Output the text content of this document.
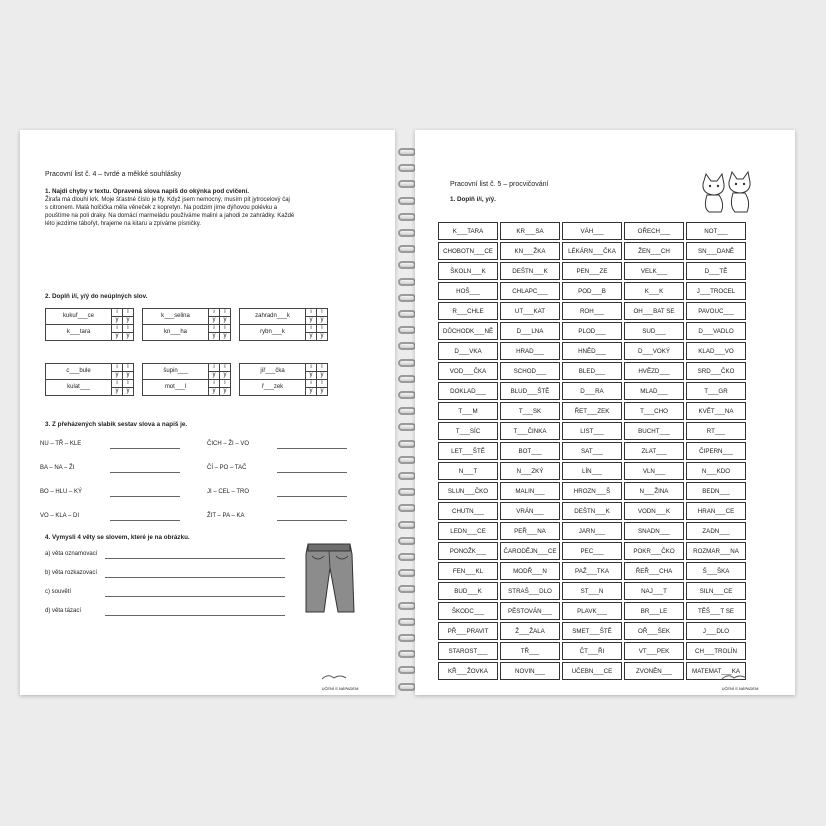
Pracovní list č. 4 – tvrdé a měkké souhlásky
1. Najdi chyby v textu. Opravená slova napiš do okýnka pod cvičení.
Žirafa má dlouhí krk. Moje šťastné číslo je tfy. Když jsem nemocný, musím pít jytrocelový čaj
s citronem. Malá holčička měla věneček z kopretyn. Na podzim jíme dýňovou polévku a
pouštíme na poli draky. Na domácí marmeládu používáme malinì a jahodi ze zahrádky. Každé
léto jezdíme tábořyt, hrajeme na kitaru a zpíváme písničky.
2. Doplň i/í, y/ý do neúplných slov.
kukuř___ce	i	í		k___selina	i	í		zahradn___k	i	í
	y	ý			y	ý			y	ý
k___tara	i	í		kn___ha	i	í		rybn___k	i	í
	y	ý			y	ý			y	ý
c___bule	i	í		šupin___	i	í		jíř___čka	i	í
	y	ý			y	ý			y	ý
kulat___	i	í		mot___l	i	í		ř___zek	i	í
	y	ý			y	ý			y	ý
3. Z přeházených slabik sestav slova a napiš je.
NU – TŘ – KLE	ČICH – ŽI – VO
BA – NA – ŽI	ČÍ – PO – TAČ
BO – HLU – KÝ	JI – CEL – TRO
VO – KLA – DI	ŽIT – PA – KA
4. Vymysli 4 věty se slovem, které je na obrázku.
a) věta oznamovací
b) věta rozkazovací
c) souvětí
d) věta tázací
UČENÍ S NÁPADEM
Pracovní list č. 5 – procvičování
1. Doplň i/í, y/ý.
K___TARA	KR___SA	VÁH___	OŘECH___	NOT___

CHOBOTN___CE	KN___ŽKA	LÉKÁRN___ČKA	ŽEN___CH	SN___DANĚ

ŠKOLN___K	DEŠTN___K	PEN___ZE	VELK___	D___TĚ

HOŠ___	CHLAPC___	POD___B	K___K	J___TROCEL

R___CHLE	UT___KAT	ROH___	OH___BAT SE	PAVOUC___

DŮCHODK___NĚ	D___LNA	PLOD___	SUD___	D___VADLO

D___VKA	HRAD___	HNĚD___	D___VOKÝ	KLAD___VO

VOD___ČKA	SCHOD___	BLED___	HVĚZD___	SRD___ČKO

DOKLAD___	BLUD___ŠTĚ	D___RA	MLAD___	T___GR

T___M	T___SK	ŘET___ZEK	T___CHO	KVĚT___NA

T___SÍC	T___ČINKA	LIST___	BUCHT___	RT___

LET___ŠTĚ	BOT___	SAT___	ZLAT___	ČIPERN___

N___T	N___ZKÝ	LÍN___	VLN___	N___KDO

SLUN___ČKO	MALIN___	HROZN___Š	N___ŽINA	BEDN___

CHUTN___	VRÁN___	DEŠTN___K	VODN___K	HRAN___CE

LEDN___CE	PEŘ___NA	JARN___	SNADN___	ZADN___

PONOŽK___	ČARODĚJN___CE	PEC___	POKR___ČKO	ROZMAR___NA

FEN___KL	MODŘ___N	PAŽ___TKA	ŘEŘ___CHA	Š___ŠKA

BUD___K	STRAŠ___DLO	ST___N	NAJ___T	SILN___CE

ŠKODC___	PĚSTOVÁN___	PLAVK___	BR___LE	TĚŠ___T SE

PŘ___PRAVIT	Ž___ŽALA	SMET___ŠTĚ	OŘ___ŠEK	J___DLO

STAROST___	TŘ___	ČT___ŘI	VT___PEK	CH___TROLÍN

KŘ___ŽOVKA	NOVIN___	UČEBN___CE	ZVONĚN___	MATEMAT___KA
UČENÍ S NÁPADEM
